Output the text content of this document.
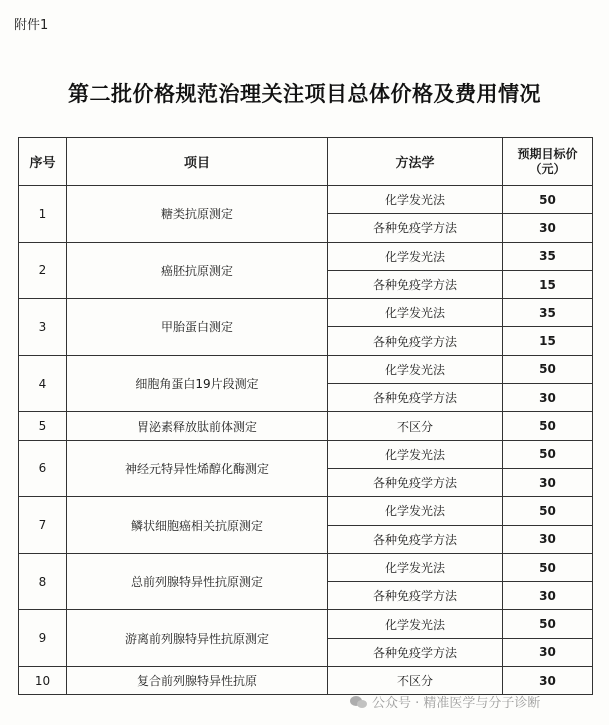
附件1
第二批价格规范治理关注项目总体价格及费用情况
序号	项目	方法学	预期目标价
（元）
1	糖类抗原测定	化学发光法	50
		各种免疫学方法	30
2	癌胚抗原测定	化学发光法	35
		各种免疫学方法	15
3	甲胎蛋白测定	化学发光法	35
		各种免疫学方法	15
4	细胞角蛋白19片段测定	化学发光法	50
		各种免疫学方法	30
5	胃泌素释放肽前体测定	不区分	50
6	神经元特异性烯醇化酶测定	化学发光法	50
		各种免疫学方法	30
7	鳞状细胞癌相关抗原测定	化学发光法	50
		各种免疫学方法	30
8	总前列腺特异性抗原测定	化学发光法	50
		各种免疫学方法	30
9	游离前列腺特异性抗原测定	化学发光法	50
		各种免疫学方法	30
10	复合前列腺特异性抗原	不区分	30
公众号 · 精准医学与分子诊断
